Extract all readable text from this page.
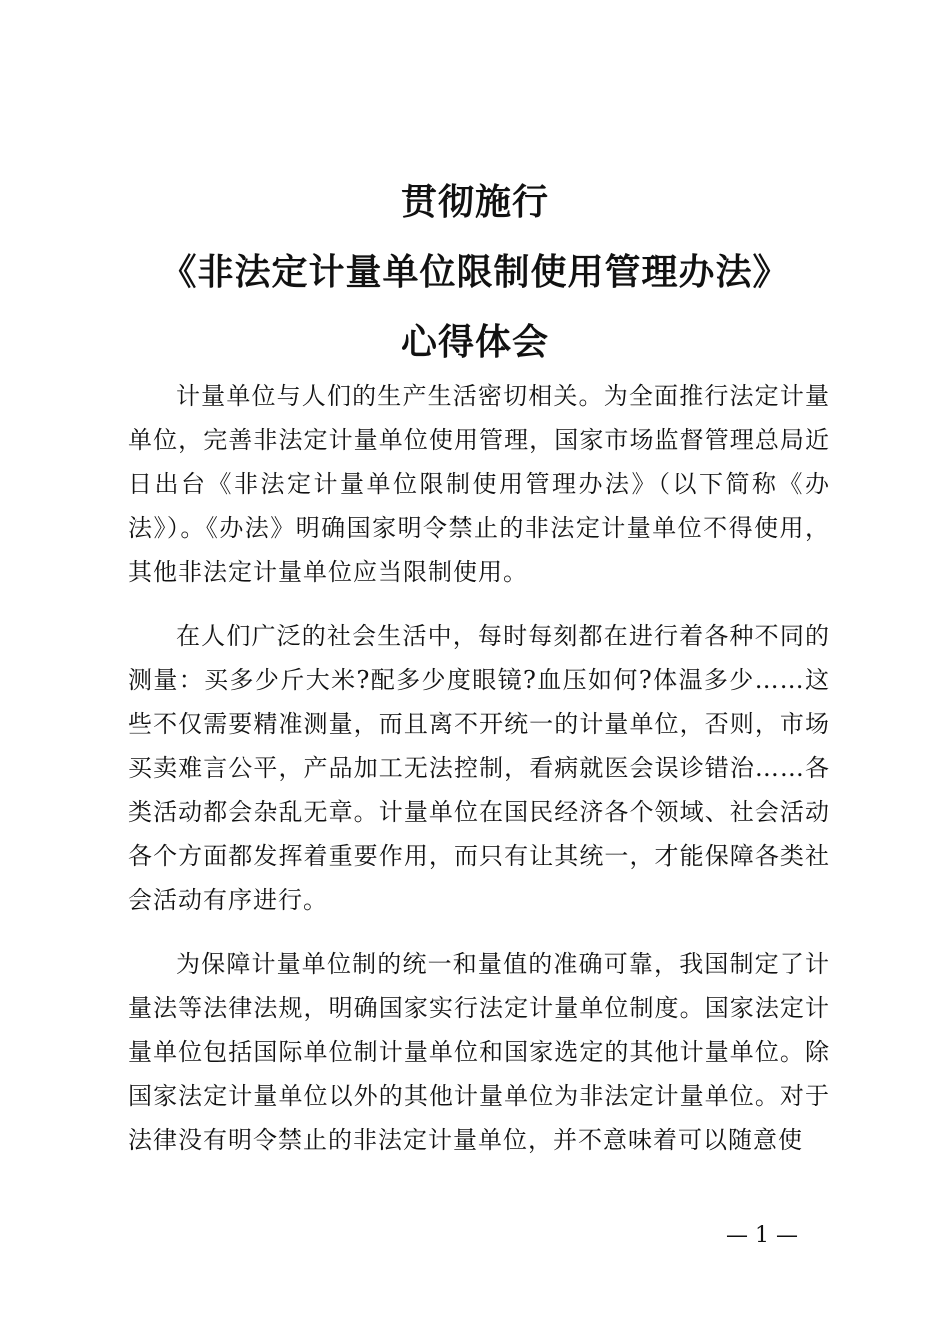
贯彻施行
《非法定计量单位限制使用管理办法》
心得体会

计量单位与人们的生产生活密切相关。为全面推行法定计量单位，完善非法定计量单位使用管理，国家市场监督管理总局近日出台《非法定计量单位限制使用管理办法》（以下简称《办法》）。《办法》明确国家明令禁止的非法定计量单位不得使用，其他非法定计量单位应当限制使用。

在人们广泛的社会生活中，每时每刻都在进行着各种不同的测量：买多少斤大米?配多少度眼镜?血压如何?体温多少……这些不仅需要精准测量，而且离不开统一的计量单位，否则，市场买卖难言公平，产品加工无法控制，看病就医会误诊错治……各类活动都会杂乱无章。计量单位在国民经济各个领域、社会活动各个方面都发挥着重要作用，而只有让其统一，才能保障各类社会活动有序进行。

为保障计量单位制的统一和量值的准确可靠，我国制定了计量法等法律法规，明确国家实行法定计量单位制度。国家法定计量单位包括国际单位制计量单位和国家选定的其他计量单位。除国家法定计量单位以外的其他计量单位为非法定计量单位。对于法律没有明令禁止的非法定计量单位，并不意味着可以随意使

— 1 —
